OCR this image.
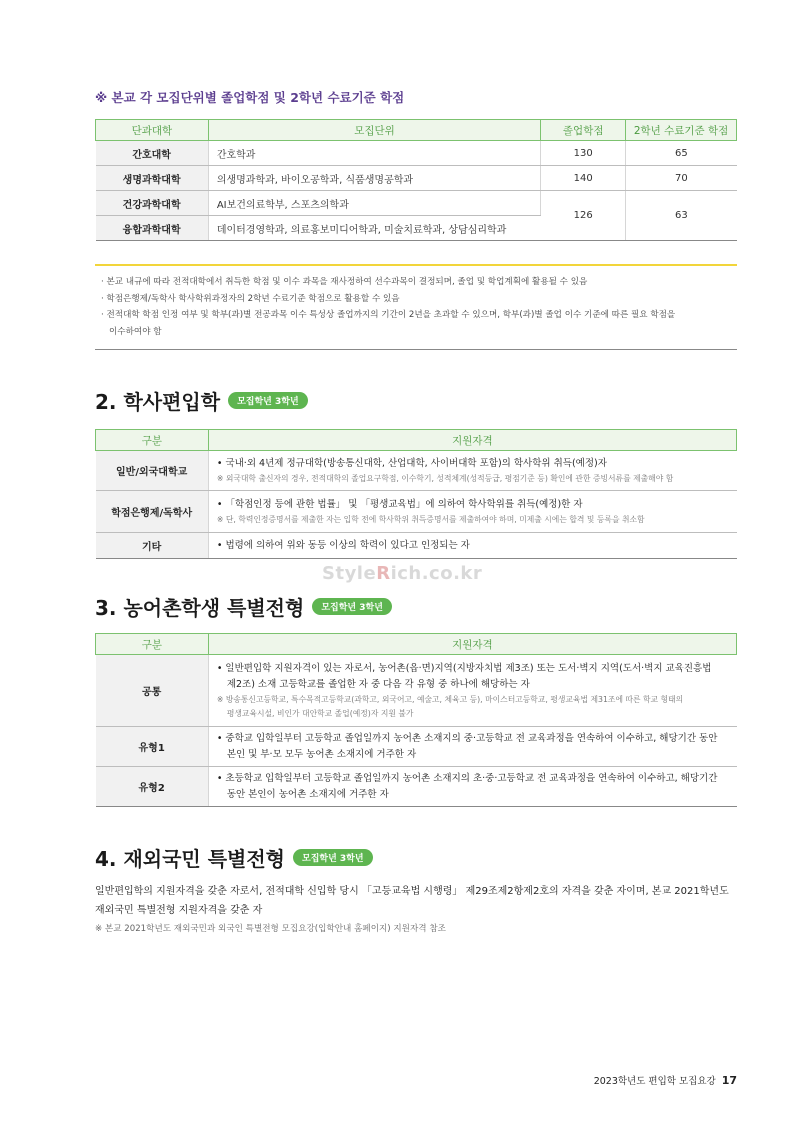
※ 본교 각 모집단위별 졸업학점 및 2학년 수료기준 학점
단과대학	모집단위	졸업학점	2학년 수료기준 학점
간호대학	간호학과	130	65
생명과학대학	의생명과학과, 바이오공학과, 식품생명공학과	140	70
건강과학대학	AI보건의료학부, 스포츠의학과	126	63
융합과학대학	데이터경영학과, 의료홍보미디어학과, 미술치료학과, 상담심리학과		

· 본교 내규에 따라 전적대학에서 취득한 학점 및 이수 과목을 재사정하여 선수과목이 결정되며, 졸업 및 학업계획에 활용될 수 있음

· 학점은행제/독학사 학사학위과정자의 2학년 수료기준 학점으로 활용할 수 있음

· 전적대학 학점 인정 여부 및 학부(과)별 전공과목 이수 특성상 졸업까지의 기간이 2년을 초과할 수 있으며, 학부(과)별 졸업 이수 기준에 따른 필요 학점을

이수하여야 함

2. 학사편입학 모집학년 3학년
구분	지원자격
일반/외국대학교	• 국내·외 4년제 정규대학(방송통신대학, 산업대학, 사이버대학 포함)의 학사학위 취득(예정)자
※ 외국대학 출신자의 경우, 전적대학의 졸업요구학점, 이수학기, 성적체계(성적등급, 평점기준 등) 확인에 관한 증빙서류를 제출해야 함

학점은행제/독학사	• 「학점인정 등에 관한 법률」 및 「평생교육법」에 의하여 학사학위를 취득(예정)한 자
※ 단, 학력인정증명서를 제출한 자는 입학 전에 학사학위 취득증명서를 제출하여야 하며, 미제출 시에는 합격 및 등록을 취소함

기타	• 법령에 의하여 위와 동등 이상의 학력이 있다고 인정되는 자
StyleRich.co.kr
3. 농어촌학생 특별전형 모집학년 3학년
구분	지원자격
공통	• 일반편입학 지원자격이 있는 자로서, 농어촌(읍·면)지역(지방자치법 제3조) 또는 도서·벽지 지역(도서·벽지 교육진흥법
제2조) 소재 고등학교를 졸업한 자 중 다음 각 유형 중 하나에 해당하는 자
※ 방송통신고등학교, 특수목적고등학교(과학고, 외국어고, 예술고, 체육고 등), 마이스터고등학교, 평생교육법 제31조에 따른 학교 형태의
평생교육시설, 비인가 대안학교 졸업(예정)자 지원 불가

유형1	• 중학교 입학일부터 고등학교 졸업일까지 농어촌 소재지의 중·고등학교 전 교육과정을 연속하여 이수하고, 해당기간 동안
본인 및 부·모 모두 농어촌 소재지에 거주한 자

유형2	• 초등학교 입학일부터 고등학교 졸업일까지 농어촌 소재지의 초·중·고등학교 전 교육과정을 연속하여 이수하고, 해당기간
동안 본인이 농어촌 소재지에 거주한 자
4. 재외국민 특별전형 모집학년 3학년
일반편입학의 지원자격을 갖춘 자로서, 전적대학 신입학 당시 「고등교육법 시행령」 제29조제2항제2호의 자격을 갖춘 자이며, 본교 2021학년도
재외국민 특별전형 지원자격을 갖춘 자
※ 본교 2021학년도 재외국민과 외국인 특별전형 모집요강(입학안내 홈페이지) 지원자격 참조
2023학년도 편입학 모집요강 17
